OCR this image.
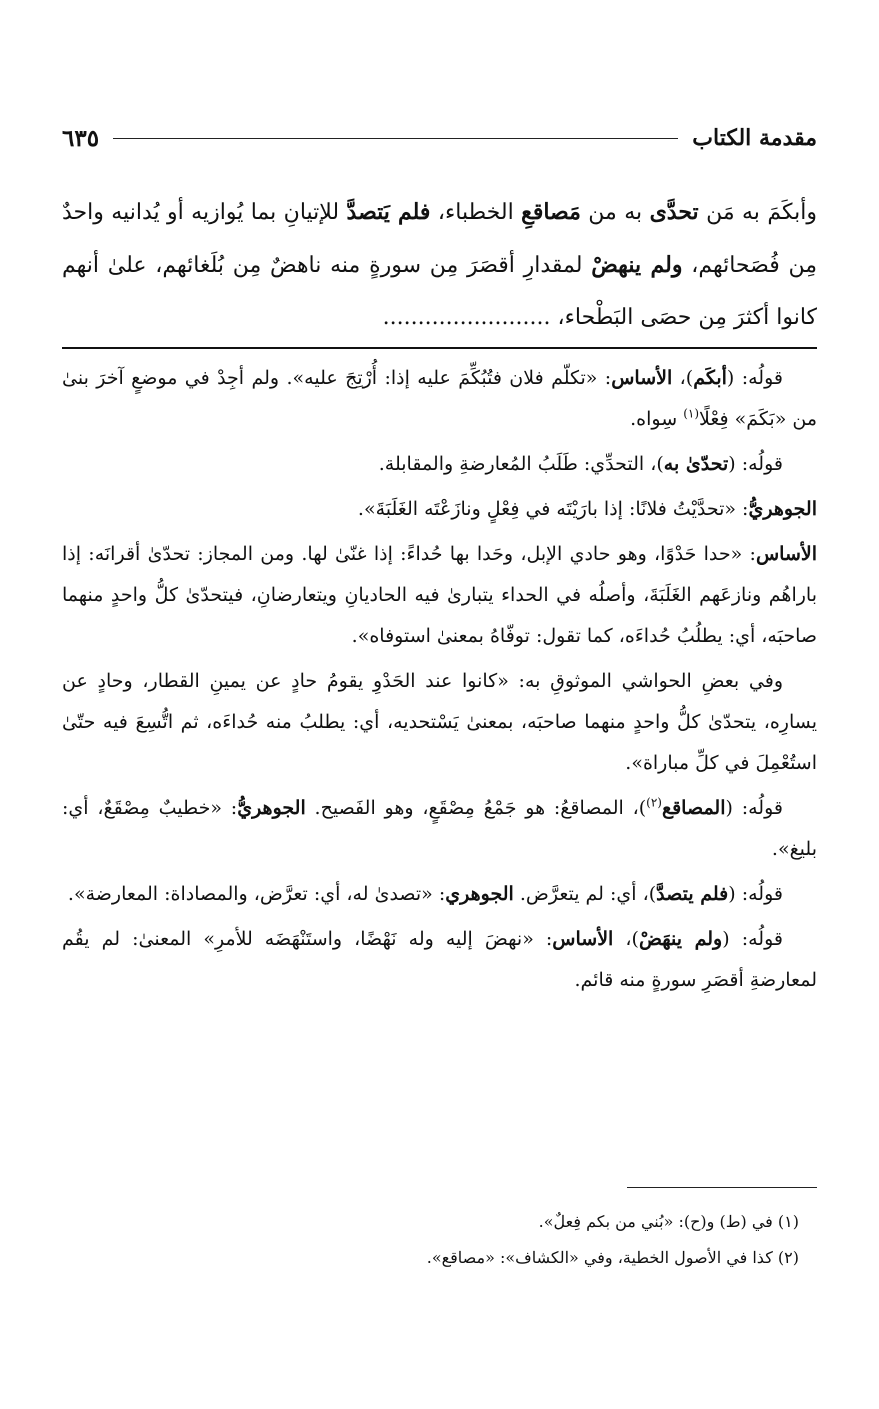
مقدمة الكتاب
٦٣٥

وأبكَمَ به مَن تحدَّى به من مَصاقعِ الخطباء، فلم يَتصدَّ للإتيانِ بما يُوازيه أو يُدانيه واحدٌ مِن فُصَحائهم، ولم ينهضْ لمقدارِ أقصَرَ مِن سورةٍ منه ناهضٌ مِن بُلَغائهم، علىٰ أنهم كانوا أكثرَ مِن حصَى البَطْحاء، ........................

قولُه: (أبكَم)، الأساس: «تكلّم فلان فتُبُكِّمَ عليه إذا: أُرْتِجَ عليه». ولم أجِدْ في موضعٍ آخرَ بنىٰ من «بَكَمَ» فِعْلًا$^{(١)}$ سِواه.

قولُه: (تحدّىٰ به)، التحدِّي: طَلَبُ المُعارضةِ والمقابلة.

الجوهريُّ: «تحدَّيْتُ فلانًا: إذا بارَيْتَه في فِعْلٍ ونازَعْتَه الغَلَبَةَ».

الأساس: «حدا حَدْوًا، وهو حادي الإبل، وحَدا بها حُداءً: إذا غنّىٰ لها. ومن المجاز: تحدّىٰ أقرانَه: إذا باراهُم ونازعَهم الغَلَبَةَ، وأصلُه في الحداء يتبارىٰ فيه الحاديانِ ويتعارضانِ، فيتحدّىٰ كلُّ واحدٍ منهما صاحبَه، أي: يطلُبُ حُداءَه، كما تقول: توفّاهُ بمعنىٰ استوفاه».

وفي بعضِ الحواشي الموثوقِ به: «كانوا عند الحَدْوِ يقومُ حادٍ عن يمينِ القطار، وحادٍ عن يسارِه، يتحدّىٰ كلُّ واحدٍ منهما صاحبَه، بمعنىٰ يَسْتحديه، أي: يطلبُ منه حُداءَه، ثم اتُّسِعَ فيه حتّىٰ استُعْمِلَ في كلِّ مباراة».

قولُه: (المصاقع$^{(٢)}$)، المصاقعُ: هو جَمْعُ مِصْقَعٍ، وهو الفَصيح. الجوهريُّ: «خطيبٌ مِصْقَعٌ، أي: بليغ».

قولُه: (فلم يتصدَّ)، أي: لم يتعرَّض. الجوهري: «تصدىٰ له، أي: تعرَّض، والمصاداة: المعارضة».

قولُه: (ولم ينهَضْ)، الأساس: «نهضَ إليه وله نَهْضًا، واستَنْهَضَه للأمرِ» المعنىٰ: لم يقُم لمعارضةِ أقصَرِ سورةٍ منه قائم.

(١) في (ط) و(ح): «بُني من بكم فِعلٌ».

(٢) كذا في الأصول الخطية، وفي «الكشاف»: «مصاقع».
